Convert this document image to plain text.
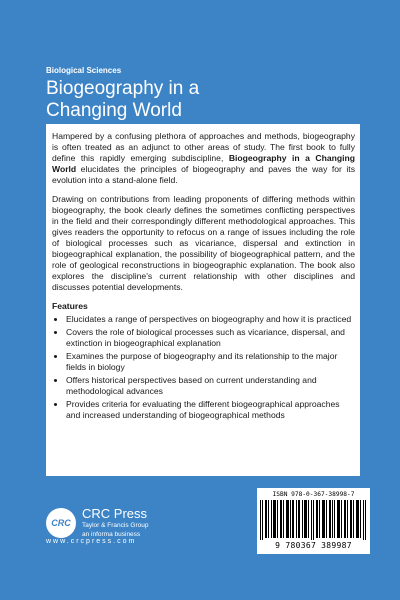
Biological Sciences
Biogeography in a
Changing World

Hampered by a confusing plethora of approaches and methods, biogeography is often treated as an adjunct to other areas of study. The first book to fully define this rapidly emerging subdiscipline, Biogeography in a Changing World elucidates the principles of biogeography and paves the way for its evolution into a stand-alone field.

Drawing on contributions from leading proponents of differing methods within biogeography, the book clearly defines the sometimes conflicting perspectives in the field and their correspondingly different methodological approaches. This gives readers the opportunity to refocus on a range of issues including the role of biological processes such as vicariance, dispersal and extinction in biogeographical explanation, the possibility of biogeographical pattern, and the role of geological reconstructions in biogeographic explanation. The book also explores the discipline's current relationship with other disciplines and discusses potential developments.

Features
• Elucidates a range of perspectives on biogeography and how it is practiced
• Covers the role of biological processes such as vicariance, dispersal, and extinction in biogeographical explanation
• Examines the purpose of biogeography and its relationship to the major fields in biology
• Offers historical perspectives based on current understanding and methodological advances
• Provides criteria for evaluating the different biogeographical approaches and increased understanding of biogeographical methods
CRC
CRC Press
Taylor & Francis Group
an informa business
www.crcpress.com
ISBN 978-0-367-38998-7
9 780367 389987
